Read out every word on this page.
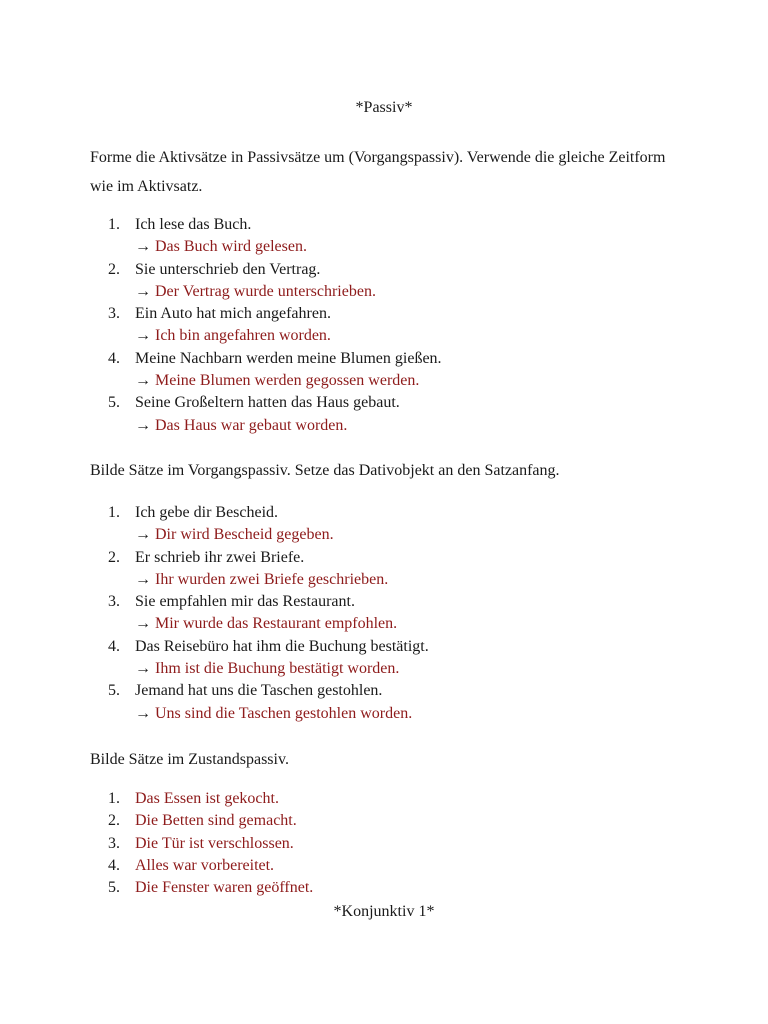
*Passiv*
Forme die Aktivsätze in Passivsätze um (Vorgangspassiv). Verwende die gleiche Zeitform wie im Aktivsatz.
1. Ich lese das Buch.
→ Das Buch wird gelesen.
2. Sie unterschrieb den Vertrag.
→ Der Vertrag wurde unterschrieben.
3. Ein Auto hat mich angefahren.
→ Ich bin angefahren worden.
4. Meine Nachbarn werden meine Blumen gießen.
→ Meine Blumen werden gegossen werden.
5. Seine Großeltern hatten das Haus gebaut.
→ Das Haus war gebaut worden.
Bilde Sätze im Vorgangspassiv. Setze das Dativobjekt an den Satzanfang.
1. Ich gebe dir Bescheid.
→ Dir wird Bescheid gegeben.
2. Er schrieb ihr zwei Briefe.
→ Ihr wurden zwei Briefe geschrieben.
3. Sie empfahlen mir das Restaurant.
→ Mir wurde das Restaurant empfohlen.
4. Das Reisebüro hat ihm die Buchung bestätigt.
→ Ihm ist die Buchung bestätigt worden.
5. Jemand hat uns die Taschen gestohlen.
→ Uns sind die Taschen gestohlen worden.
Bilde Sätze im Zustandspassiv.
1. Das Essen ist gekocht.
2. Die Betten sind gemacht.
3. Die Tür ist verschlossen.
4. Alles war vorbereitet.
5. Die Fenster waren geöffnet.
*Konjunktiv 1*
